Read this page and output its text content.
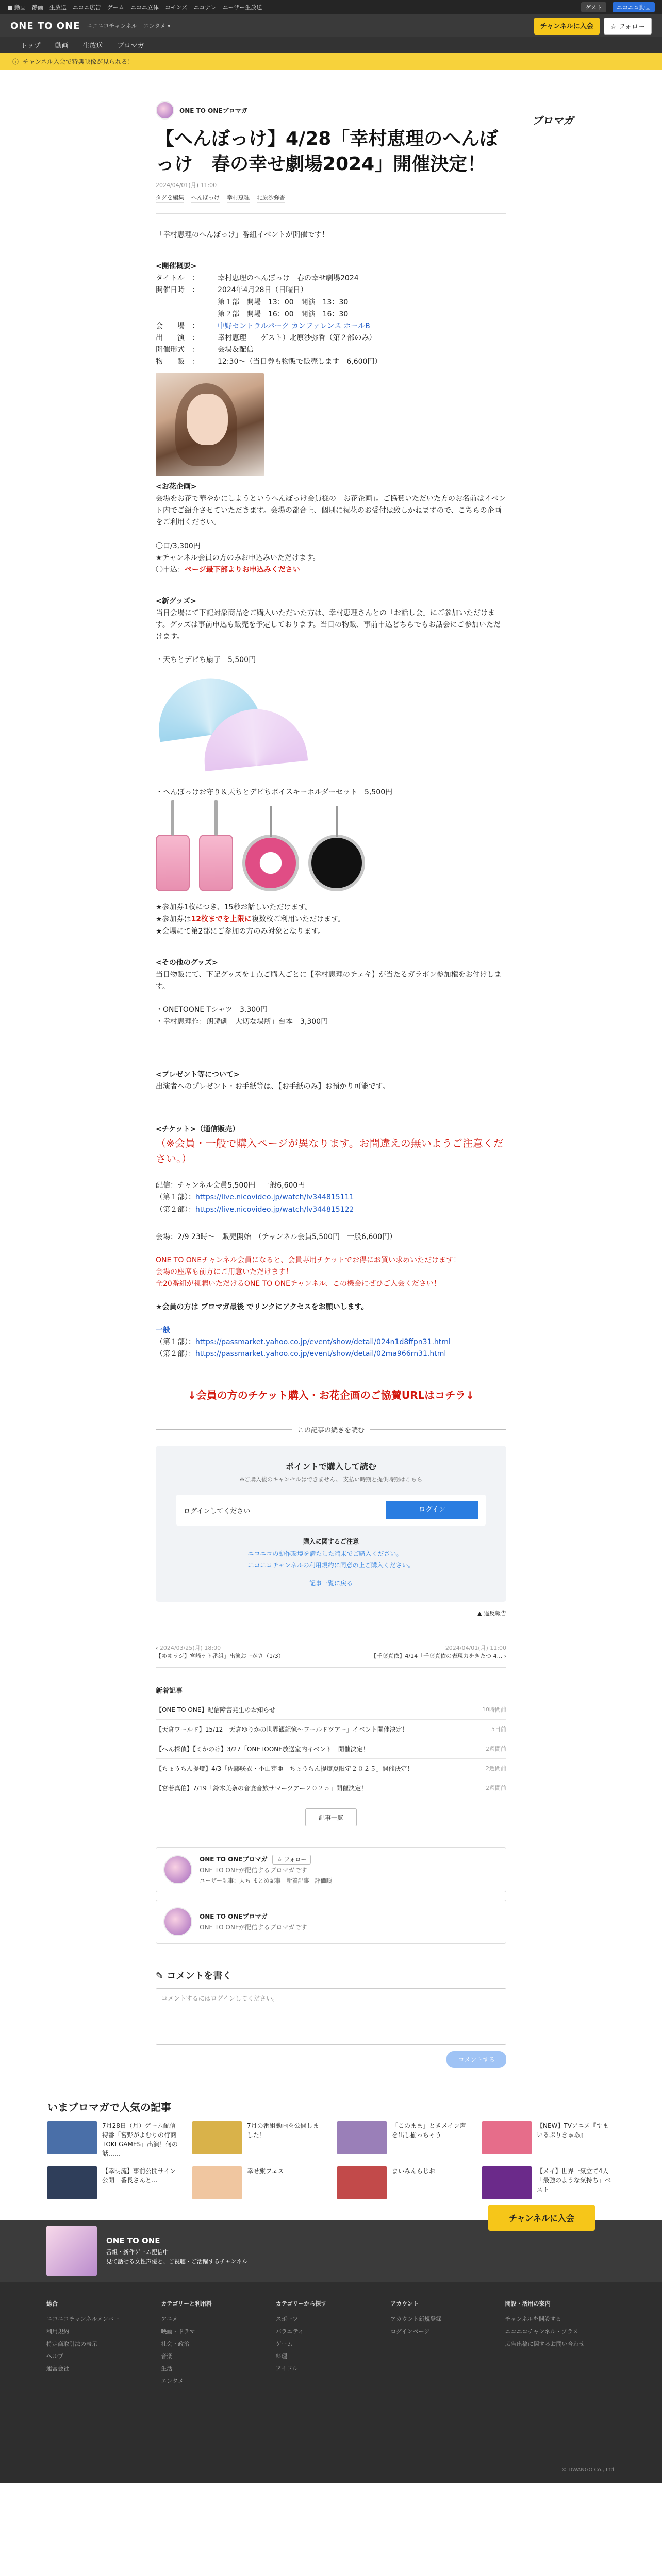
■ 動画 静画 生放送 ニコニ広告 ゲーム ニコニ立体 コモンズ ニコナレ ユーザー生放送	ゲスト	ニコニコ動画
ONE TO ONE ニコニコチャンネル エンタメ ▾	チャンネルに入会	☆ フォロー
トップ 動画 生放送 ブロマガ
ⓘ チャンネル入会で特典映像が見られる！
ブロマガ
ONE TO ONEブロマガ
【へんぼっけ】4/28「幸村恵理のへんぼっけ　春の幸せ劇場2024」開催決定！
2024/04/01(月) 11:00
タグを編集 へんぼっけ 幸村恵理 北原沙弥香

「幸村恵理のへんぼっけ」番組イベントが開催です！

<開催概要>

タイトル　：	幸村恵理のへんぼっけ　春の幸せ劇場2024
開催日時　：	2024年4月28日（日曜日）
第１部　開場　13：00　開演　13：30
第２部　開場　16：00　開演　16：30
会　　場　：	中野セントラルパーク カンファレンス ホールB
出　　演　：	幸村恵理　　ゲスト）北原沙弥香（第２部のみ）
開催形式　：	会場＆配信
物　　販　：	12:30〜（当日券も物販で販売します　6,600円）

<お花企画>

会場をお花で華やかにしようというへんぼっけ会員様の「お花企画」。ご協賛いただいた方のお名前はイベント内でご紹介させていただきます。会場の都合上、個別に祝花のお受付は致しかねますので、こちらの企画をご利用ください。

〇口/3,300円

★チャンネル会員の方のみお申込みいただけます。

〇申込：ページ最下部よりお申込みください

<新グッズ>

当日会場にて下記対象商品をご購入いただいた方は、幸村恵理さんとの「お話し会」にご参加いただけます。グッズは事前申込も販売を予定しております。当日の物販、事前申込どちらでもお話会にご参加いただけます。

・天ちとデビち扇子　5,500円

・へんぼっけお守り＆天ちとデビちボイスキーホルダーセット　5,500円

★参加券1枚につき、15秒お話しいただけます。

★参加券は12枚までを上限に複数枚ご利用いただけます。

★会場にて第2部にご参加の方のみ対象となります。

<その他のグッズ>

当日物販にて、下記グッズを１点ご購入ごとに【幸村恵理のチェキ】が当たるガラポン参加権をお付けします。

・ONETOONE Tシャツ　3,300円

・幸村恵理作：朗読劇「大切な場所」台本　3,300円

<プレゼント等について>

出演者へのプレゼント・お手紙等は、【お手紙のみ】お預かり可能です。

<チケット>（通信販売）

（※会員・一般で購入ページが異なります。お間違えの無いようご注意ください。）

配信：チャンネル会員5,500円　一般6,600円

（第１部）：https://live.nicovideo.jp/watch/lv344815111

（第２部）：https://live.nicovideo.jp/watch/lv344815122

会場：2/9 23時〜　販売開始　（チャンネル会員5,500円　一般6,600円）

ONE TO ONEチャンネル会員になると、会員専用チケットでお得にお買い求めいただけます！

会場の座席も前方にご用意いただけます！

全20番組が視聴いただけるONE TO ONEチャンネル、この機会にぜひご入会ください！

★会員の方は ブロマガ最後 でリンクにアクセスをお願いします。

一般

（第１部）：https://passmarket.yahoo.co.jp/event/show/detail/024n1d8ffpn31.html

（第２部）：https://passmarket.yahoo.co.jp/event/show/detail/02ma966rn31.html

↓会員の方のチケット購入・お花企画のご協賛URLはコチラ↓
この記事の続きを読む
ポイントで購入して読む
※ご購入後のキャンセルはできません。 支払い時期と提供時期はこちら
ログインしてください	ログイン
購入に関するご注意
ニコニコの動作環境を満たした端末でご購入ください。
ニコニコチャンネルの利用規約に同意の上ご購入ください。
記事一覧に戻る
▲ 違反報告
‹ 2024/03/25(月) 18:00
【ゆゆラジ】宮崎テト番組」出演おーがさ（1/3）
2024/04/01(月) 11:00
【千葉真依】4/14「千葉真依の表現力をきたつ 4... ›
新着記事
【ONE TO ONE】配信障害発生のお知らせ	10時間前
【天倉ワールド】15/12「天倉ゆりかの世界観記憶〜ワールドツアー」イベント開催決定！	5日前
【へん探偵】【ミかのけ】3/27「ONETOONE放送室内イベント」開催決定！	2週間前
【ちょうちん提燈】4/3「佐藤咲衣・小山芽亜　ちょうちん提燈夏限定２０２５」開催決定！	2週間前
【宮若真伯】7/19「鈴木美奈の音宴音旅サマーツアー２０２５」開催決定！	2週間前
記事一覧
ONE TO ONEブロマガ ☆ フォロー
ONE TO ONEが配信するブロマガです
ユーザー記事：天ち まとめ記事　新着記事　評価順
ONE TO ONEブロマガ
ONE TO ONEが配信するブロマガです
✎ コメントを書く
コメントするにはログインしてください。
コメントする
いまブロマガで人気の記事
7月28日（月）ゲーム配信特番「宮野がよむりの行商TOKI GAMES」出演！何の話……
7月の番組動画を公開しました！
「このまま」ときメイン声を出し揃っちゃう
【NEW】TVアニメ『すまいるぷりきゅあ』
【幸明流】事前公開サイン公開　番長さんと...
幸せ旅フェス	まいみんらじお	【メイ】世界一気立て4人「最強のような気持ち」ベスト
ONE TO ONE
番組・新作ゲーム配信中
見て話せる女性声優と、ご視聴・ご活躍するチャンネル
チャンネルに入会
総合
ニコニコチャンネルメンバー
利用規約
特定商取引法の表示
ヘルプ
運営会社
カテゴリーと利用料
アニメ
映画・ドラマ
社会・政治
音楽
生活
エンタメ
カテゴリーから探す
スポーツ
バラエティ
ゲーム
料理
アイドル
アカウント
アカウント新規登録
ログインページ
開設・活用の案内
チャンネルを開設する
ニコニコチャンネル・プラス
広告出稿に関するお問い合わせ
© DWANGO Co., Ltd.
